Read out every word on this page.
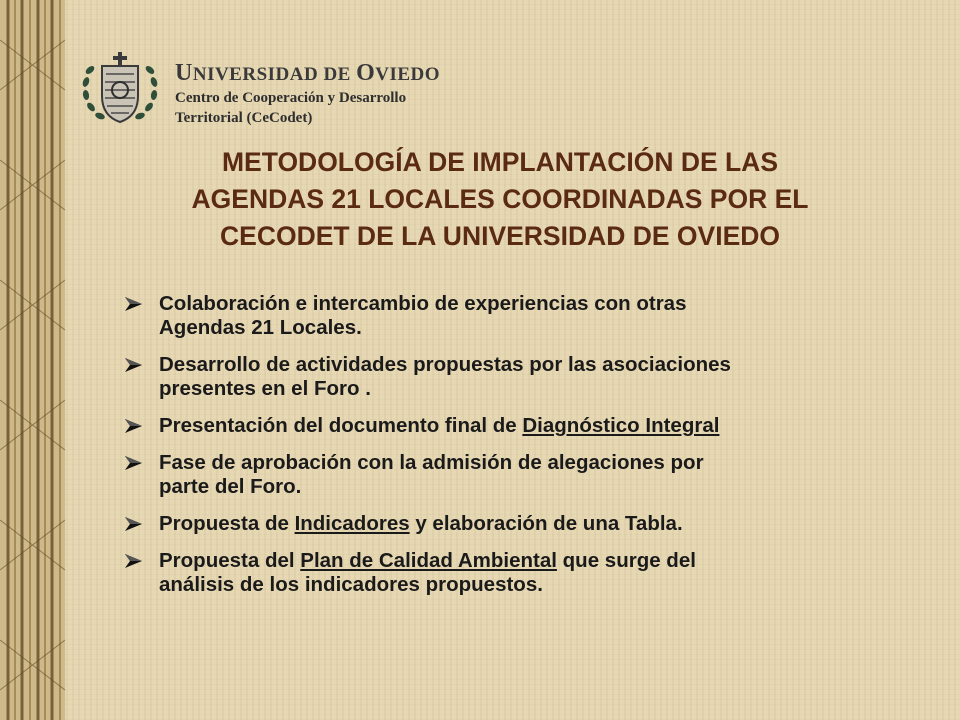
UNIVERSIDAD DE OVIEDO
Centro de Cooperación y Desarrollo
Territorial (CeCodet)
METODOLOGÍA DE IMPLANTACIÓN DE LAS
AGENDAS 21 LOCALES COORDINADAS POR EL
CECODET DE LA UNIVERSIDAD DE OVIEDO
Colaboración e intercambio de experiencias con otras
Agendas 21 Locales.
Desarrollo de actividades propuestas por las asociaciones
presentes en el Foro .
Presentación del documento final de Diagnóstico Integral
Fase de aprobación con la admisión de alegaciones por
parte del Foro.
Propuesta de Indicadores y elaboración de una Tabla.
Propuesta del Plan de Calidad Ambiental que surge del
análisis de los indicadores propuestos.
